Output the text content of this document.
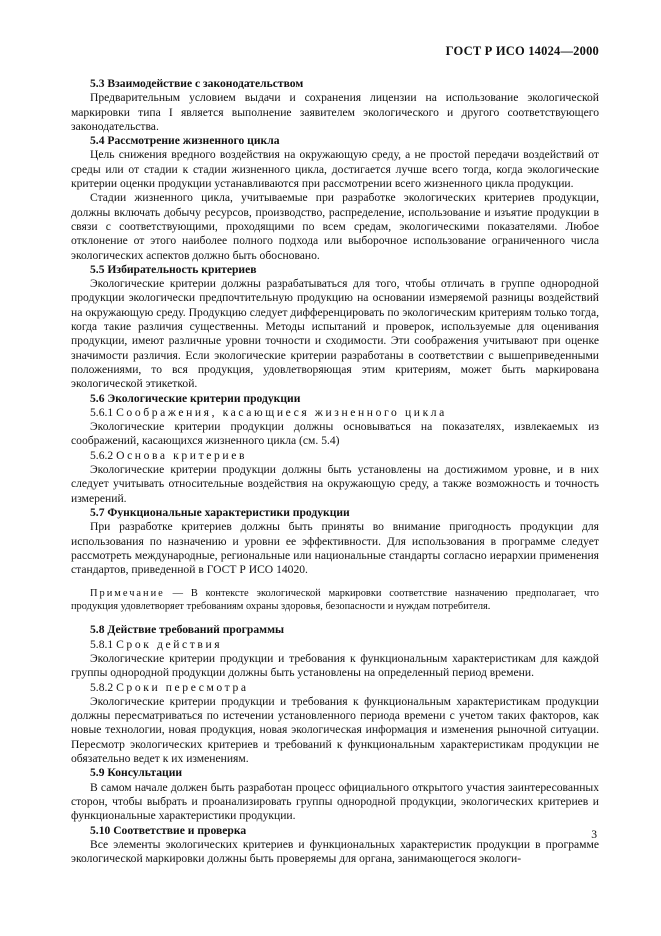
ГОСТ Р ИСО 14024—2000
5.3 Взаимодействие с законодательством

Предварительным условием выдачи и сохранения лицензии на использование экологической маркировки типа I является выполнение заявителем экологического и другого соответствующего законодательства.

5.4 Рассмотрение жизненного цикла

Цель снижения вредного воздействия на окружающую среду, а не простой передачи воздействий от среды или от стадии к стадии жизненного цикла, достигается лучше всего тогда, когда экологические критерии оценки продукции устанавливаются при рассмотрении всего жизненного цикла продукции.

Стадии жизненного цикла, учитываемые при разработке экологических критериев продукции, должны включать добычу ресурсов, производство, распределение, использование и изъятие продукции в связи с соответствующими, проходящими по всем средам, экологическими показателями. Любое отклонение от этого наиболее полного подхода или выборочное использование ограниченного числа экологических аспектов должно быть обосновано.

5.5 Избирательность критериев

Экологические критерии должны разрабатываться для того, чтобы отличать в группе однородной продукции экологически предпочтительную продукцию на основании измеряемой разницы воздействий на окружающую среду. Продукцию следует дифференцировать по экологическим критериям только тогда, когда такие различия существенны. Методы испытаний и проверок, используемые для оценивания продукции, имеют различные уровни точности и сходимости. Эти соображения учитывают при оценке значимости различия. Если экологические критерии разработаны в соответствии с вышеприведенными положениями, то вся продукция, удовлетворяющая этим критериям, может быть маркирована экологической этикеткой.

5.6 Экологические критерии продукции
5.6.1 Соображения, касающиеся жизненного цикла

Экологические критерии продукции должны основываться на показателях, извлекаемых из соображений, касающихся жизненного цикла (см. 5.4)

5.6.2 Основа критериев

Экологические критерии продукции должны быть установлены на достижимом уровне, и в них следует учитывать относительные воздействия на окружающую среду, а также возможность и точность измерений.

5.7 Функциональные характеристики продукции

При разработке критериев должны быть приняты во внимание пригодность продукции для использования по назначению и уровни ее эффективности. Для использования в программе следует рассмотреть международные, региональные или национальные стандарты согласно иерархии применения стандартов, приведенной в ГОСТ Р ИСО 14020.

Примечание — В контексте экологической маркировки соответствие назначению предполагает, что продукция удовлетворяет требованиям охраны здоровья, безопасности и нуждам потребителя.
5.8 Действие требований программы
5.8.1 Срок действия

Экологические критерии продукции и требования к функциональным характеристикам для каждой группы однородной продукции должны быть установлены на определенный период времени.

5.8.2 Сроки пересмотра

Экологические критерии продукции и требования к функциональным характеристикам продукции должны пересматриваться по истечении установленного периода времени с учетом таких факторов, как новые технологии, новая продукция, новая экологическая информация и изменения рыночной ситуации. Пересмотр экологических критериев и требований к функциональным характеристикам продукции не обязательно ведет к их изменениям.

5.9 Консультации

В самом начале должен быть разработан процесс официального открытого участия заинтересованных сторон, чтобы выбрать и проанализировать группы однородной продукции, экологических критериев и функциональные характеристики продукции.

5.10 Соответствие и проверка

Все элементы экологических критериев и функциональных характеристик продукции в программе экологической маркировки должны быть проверяемы для органа, занимающегося экологи-

3
